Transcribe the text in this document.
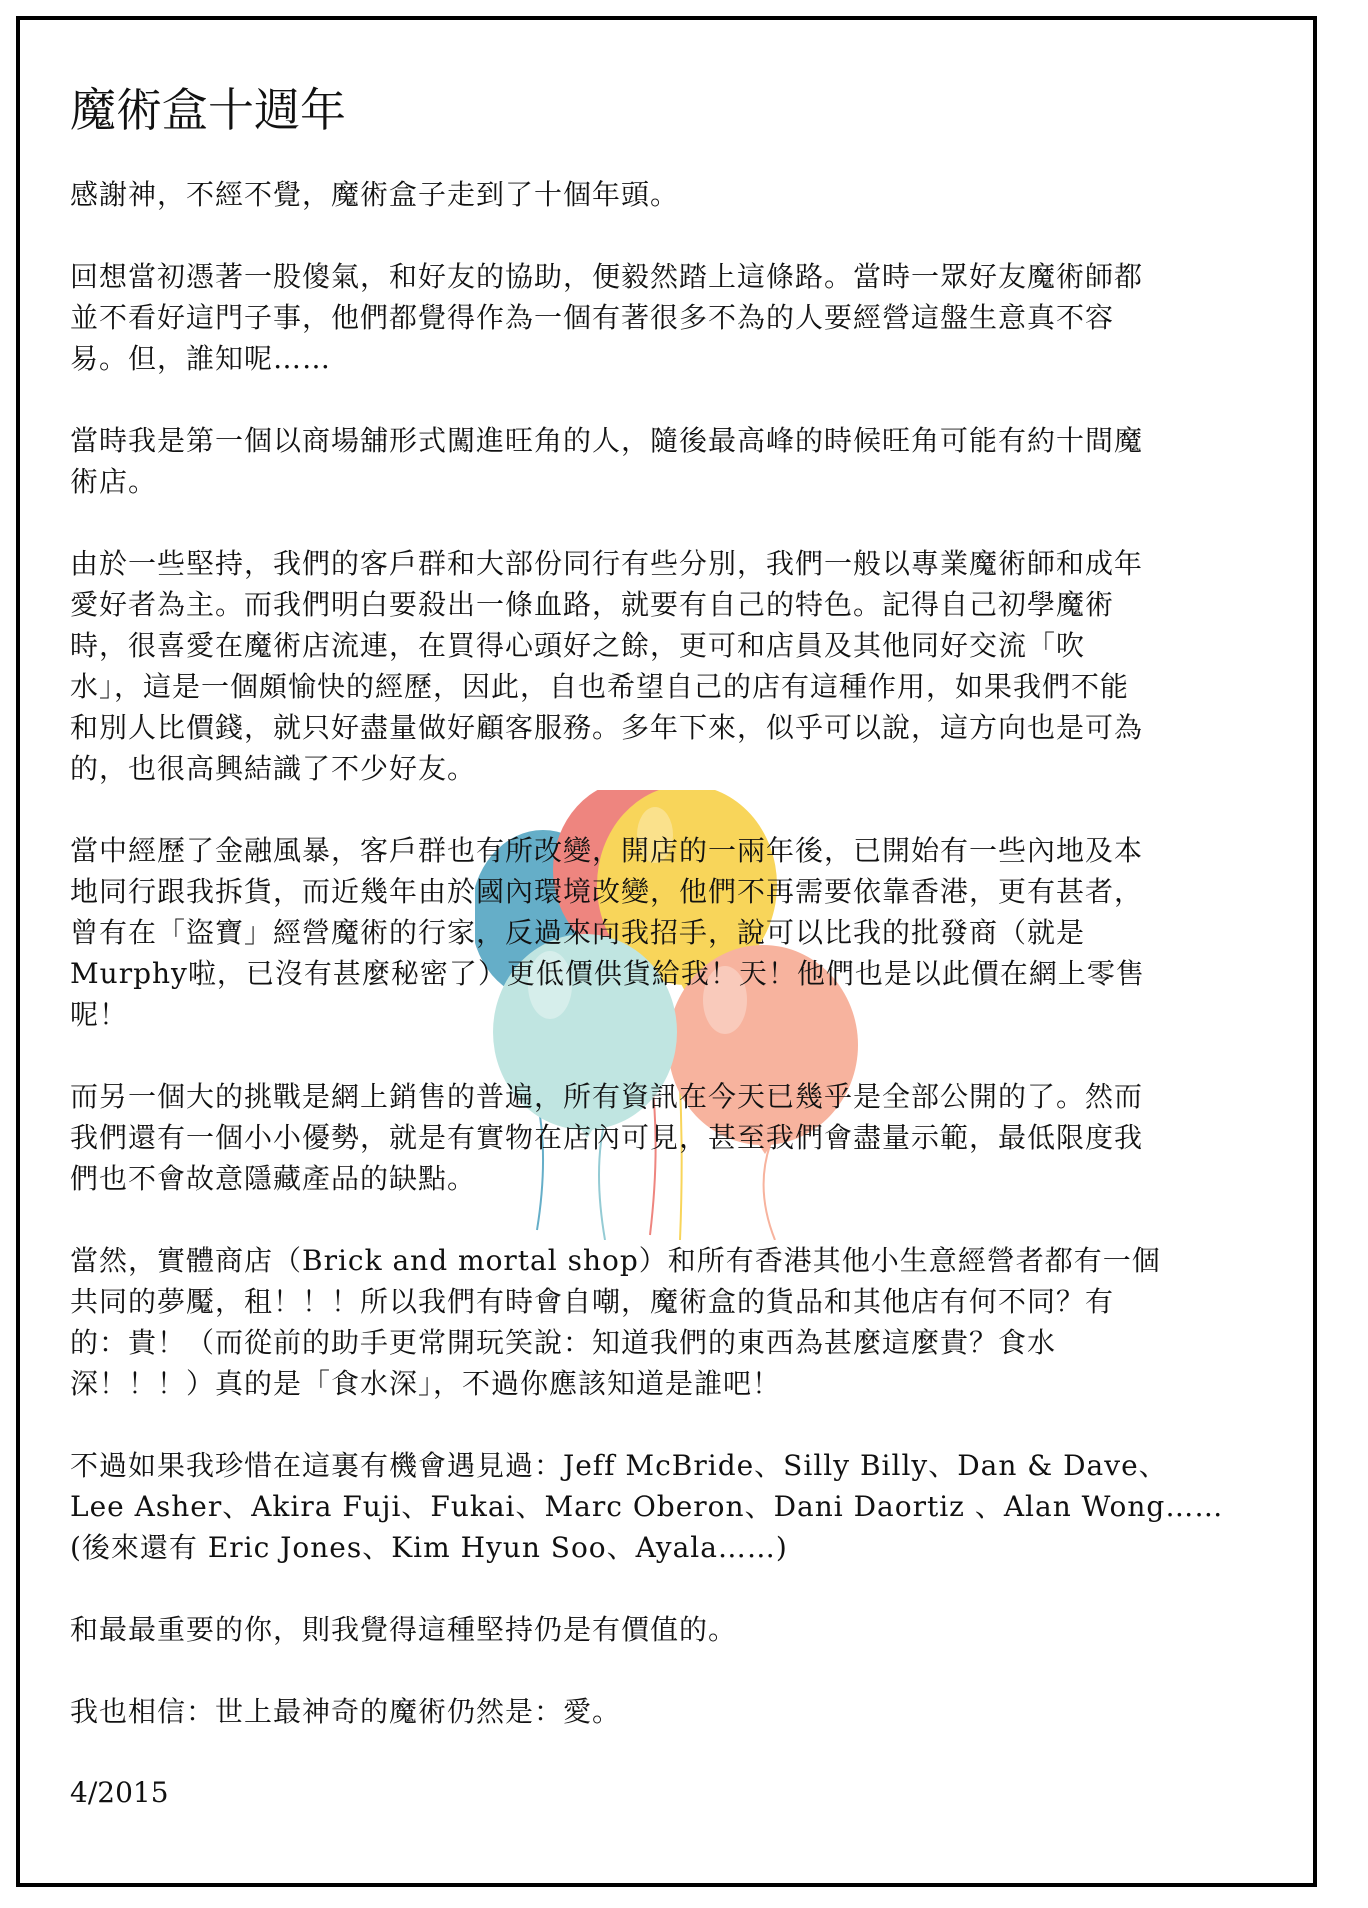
魔術盒十週年

感謝神，不經不覺，魔術盒子走到了十個年頭。

回想當初憑著一股傻氣，和好友的協助，便毅然踏上這條路。當時一眾好友魔術師都
並不看好這門子事，他們都覺得作為一個有著很多不為的人要經營這盤生意真不容
易。但，誰知呢……

當時我是第一個以商場舖形式闖進旺角的人，隨後最高峰的時候旺角可能有約十間魔
術店。

由於一些堅持，我們的客戶群和大部份同行有些分別，我們一般以專業魔術師和成年
愛好者為主。而我們明白要殺出一條血路，就要有自己的特色。記得自己初學魔術
時，很喜愛在魔術店流連，在買得心頭好之餘，更可和店員及其他同好交流「吹
水」，這是一個頗愉快的經歷，因此，自也希望自己的店有這種作用，如果我們不能
和別人比價錢，就只好盡量做好顧客服務。多年下來，似乎可以說，這方向也是可為
的，也很高興結識了不少好友。

當中經歷了金融風暴，客戶群也有所改變，開店的一兩年後，已開始有一些內地及本
地同行跟我拆貨，而近幾年由於國內環境改變，他們不再需要依靠香港，更有甚者，
曾有在「盜寶」經營魔術的行家，反過來向我招手，說可以比我的批發商（就是
Murphy啦，已沒有甚麼秘密了）更低價供貨給我！天！他們也是以此價在網上零售
呢！

而另一個大的挑戰是網上銷售的普遍，所有資訊在今天已幾乎是全部公開的了。然而
我們還有一個小小優勢，就是有實物在店內可見，甚至我們會盡量示範，最低限度我
們也不會故意隱藏產品的缺點。

當然，實體商店（Brick and mortal shop）和所有香港其他小生意經營者都有一個
共同的夢魘，租！！！所以我們有時會自嘲，魔術盒的貨品和其他店有何不同？有
的：貴！（而從前的助手更常開玩笑說：知道我們的東西為甚麼這麼貴？食水
深！！！）真的是「食水深」，不過你應該知道是誰吧！

不過如果我珍惜在這裏有機會遇見過：Jeff McBride、Silly Billy、Dan & Dave、
Lee Asher、Akira Fuji、Fukai、Marc Oberon、Dani Daortiz 、Alan Wong……
(後來還有 Eric Jones、Kim Hyun Soo、Ayala……)

和最最重要的你，則我覺得這種堅持仍是有價值的。

我也相信：世上最神奇的魔術仍然是：愛。

4/2015
